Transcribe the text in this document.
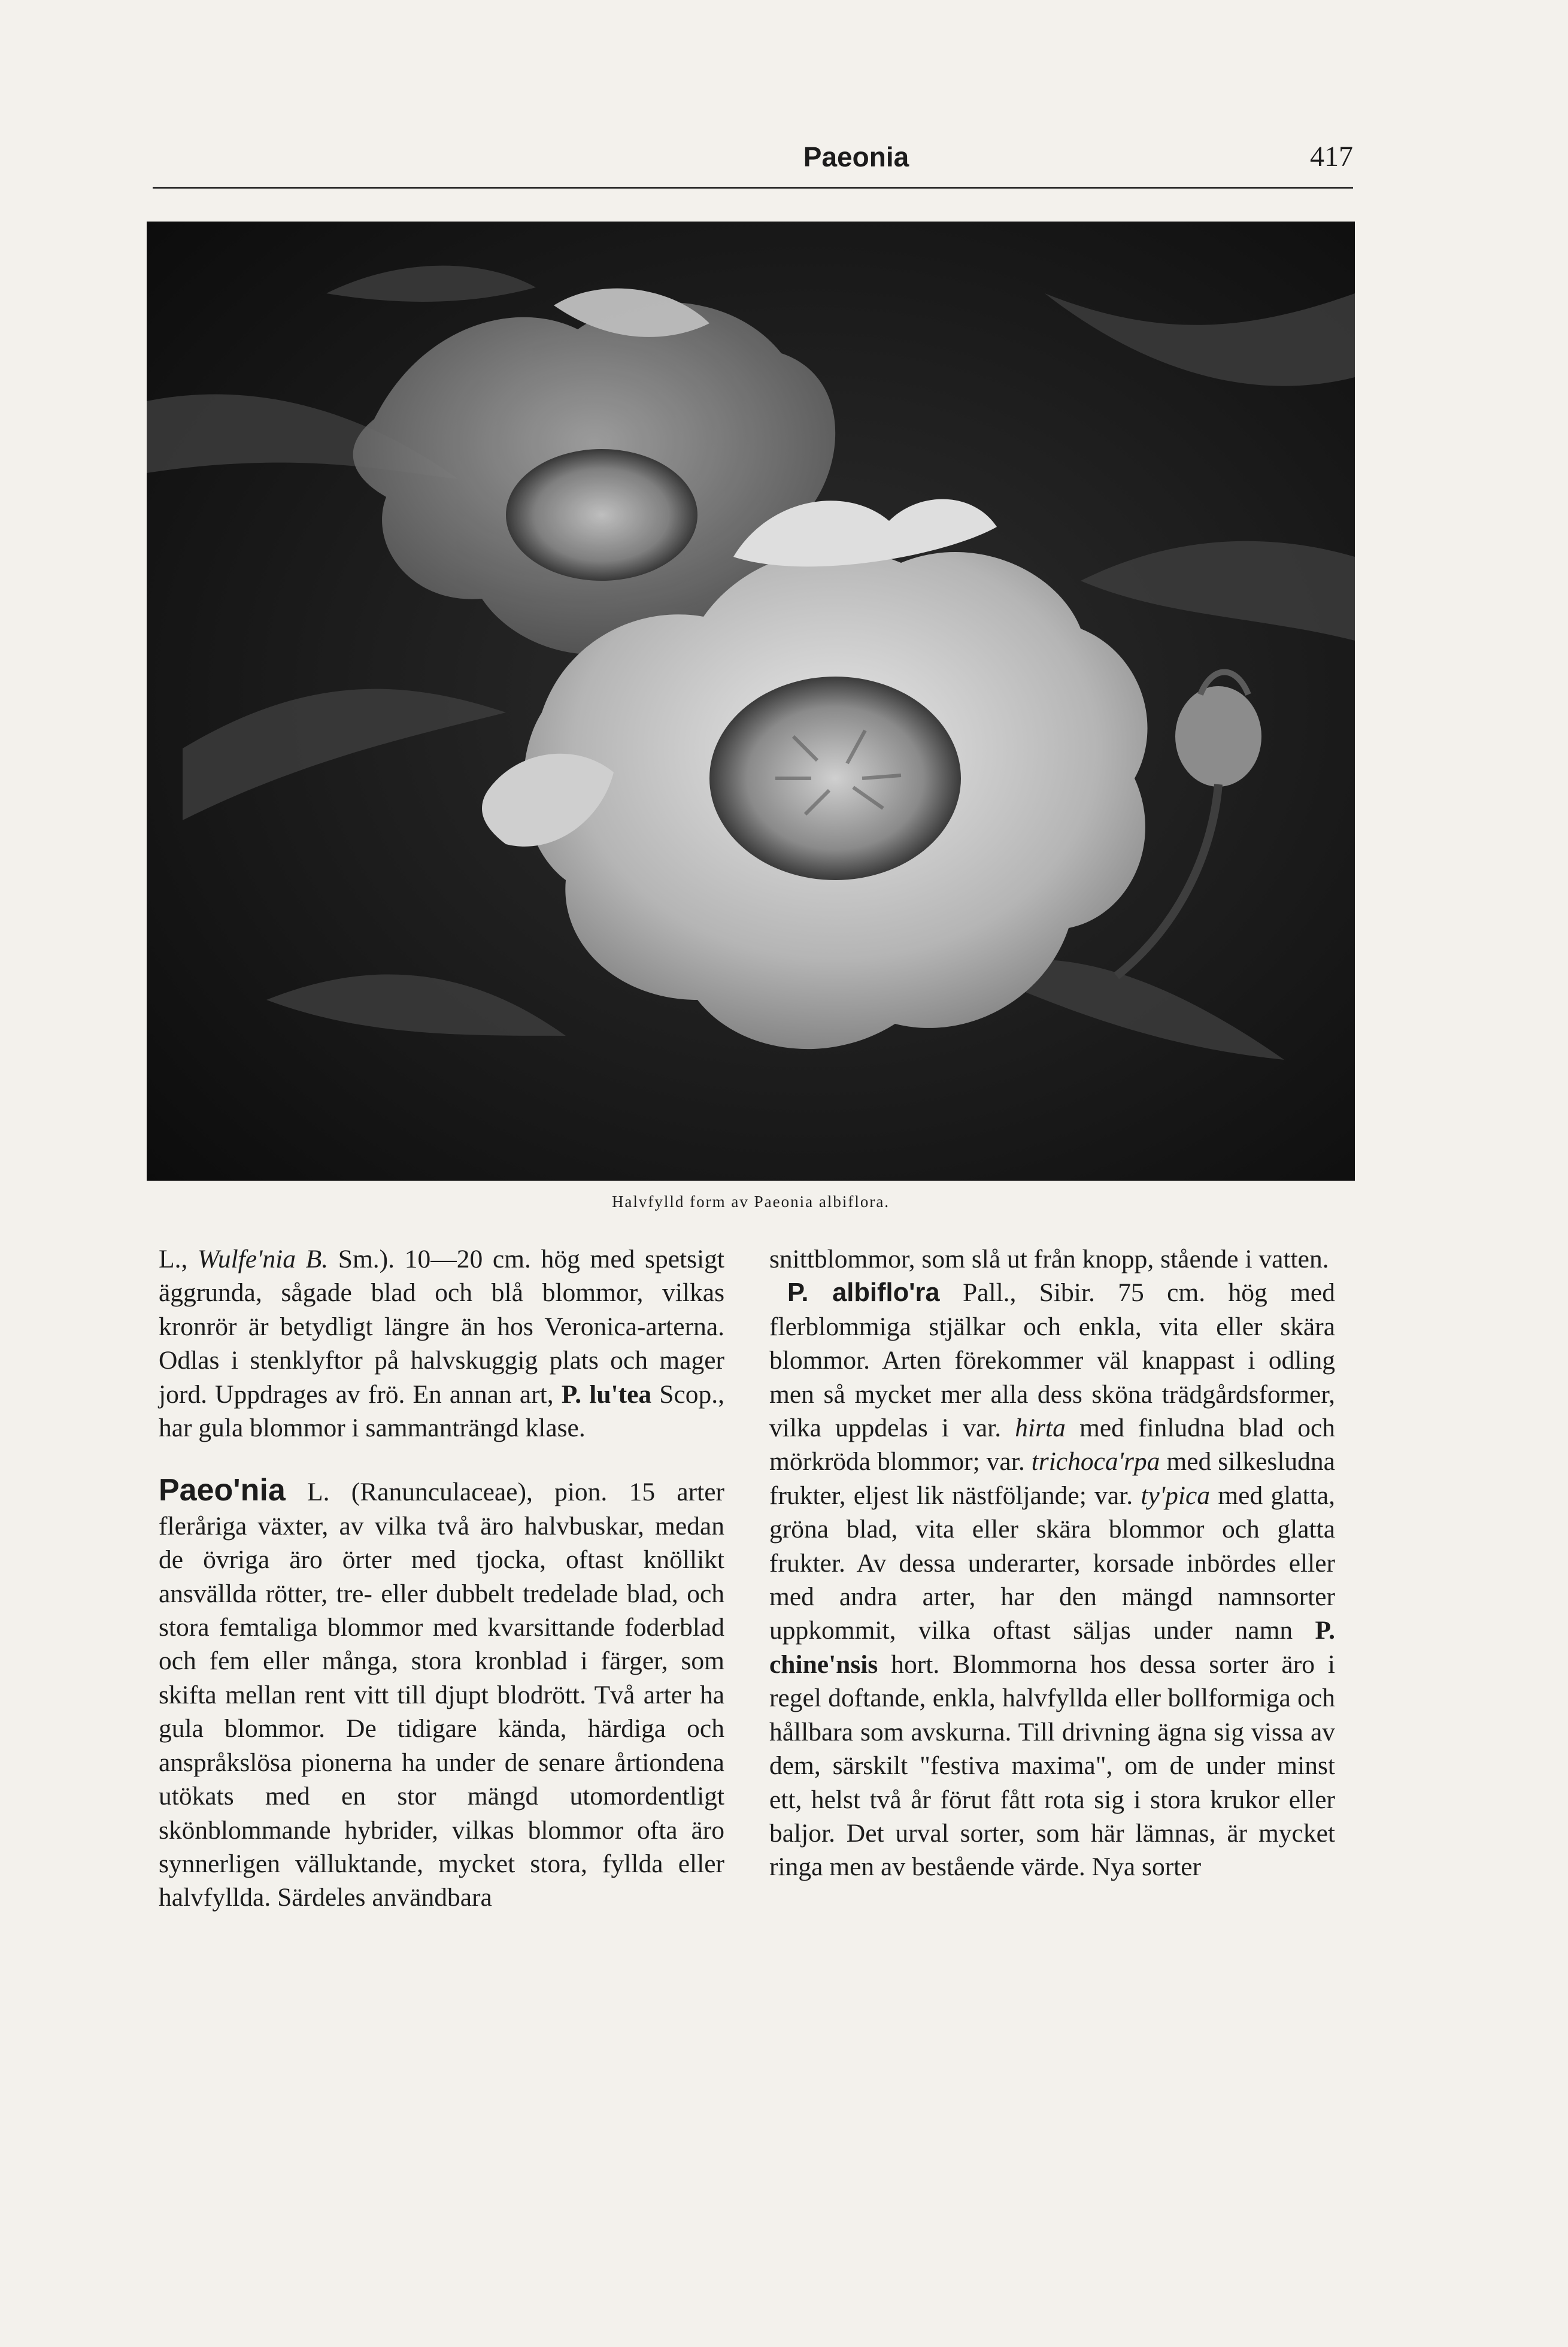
Paeonia	417
Halvfylld form av Paeonia albiflora.

L., Wulfe'nia B. Sm.). 10—20 cm. hög med spetsigt äggrunda, sågade blad och blå blommor, vilkas kronrör är betydligt längre än hos Veronica-arterna. Odlas i stenklyftor på halvskuggig plats och mager jord. Uppdrages av frö. En annan art, P. lu'tea Scop., har gula blommor i sammanträngd klase.

Paeo'nia L. (Ranunculaceae), pion. 15 arter fleråriga växter, av vilka två äro halvbuskar, medan de övriga äro örter med tjocka, oftast knöllikt ansvällda rötter, tre- eller dubbelt tredelade blad, och stora femtaliga blommor med kvarsittande foderblad och fem eller många, stora kronblad i färger, som skifta mellan rent vitt till djupt blodrött. Två arter ha gula blommor. De tidigare kända, härdiga och anspråkslösa pionerna ha under de senare årtiondena utökats med en stor mängd utomordentligt skönblommande hybrider, vilkas blommor ofta äro synnerligen välluktande, mycket stora, fyllda eller halvfyllda. Särdeles användbara

snittblommor, som slå ut från knopp, stående i vatten.

P. albiflo'ra Pall., Sibir. 75 cm. hög med flerblommiga stjälkar och enkla, vita eller skära blommor. Arten förekommer väl knappast i odling men så mycket mer alla dess sköna trädgårdsformer, vilka uppdelas i var. hirta med finludna blad och mörkröda blommor; var. trichoca'rpa med silkesludna frukter, eljest lik nästföljande; var. ty'pica med glatta, gröna blad, vita eller skära blommor och glatta frukter. Av dessa underarter, korsade inbördes eller med andra arter, har den mängd namnsorter uppkommit, vilka oftast säljas under namn P. chine'nsis hort. Blommorna hos dessa sorter äro i regel doftande, enkla, halvfyllda eller bollformiga och hållbara som avskurna. Till drivning ägna sig vissa av dem, särskilt "festiva maxima", om de under minst ett, helst två år förut fått rota sig i stora krukor eller baljor. Det urval sorter, som här lämnas, är mycket ringa men av bestående värde. Nya sorter
